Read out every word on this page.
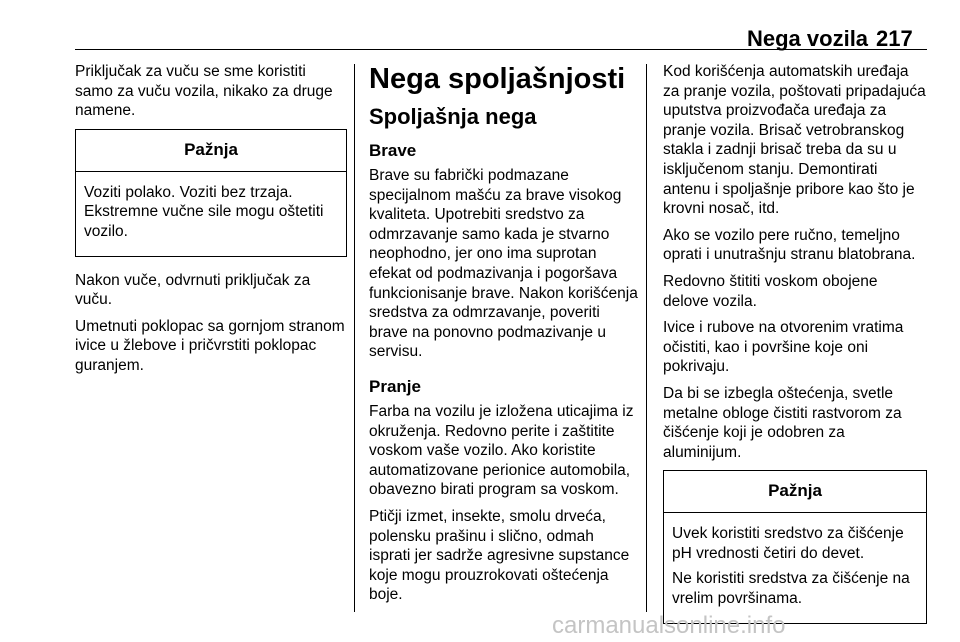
Nega vozila 217

Priključak za vuču se sme koristiti samo za vuču vozila, nikako za druge namene.

Pažnja

Voziti polako. Voziti bez trzaja. Ekstremne vučne sile mogu oštetiti vozilo.

Nakon vuče, odvrnuti priključak za vuču.

Umetnuti poklopac sa gornjom stranom ivice u žlebove i pričvrstiti poklopac guranjem.

Nega spoljašnjosti
Spoljašnja nega
Brave

Brave su fabrički podmazane specijalnom mašću za brave visokog kvaliteta. Upotrebiti sredstvo za odmrzavanje samo kada je stvarno neophodno, jer ono ima suprotan efekat od podmazivanja i pogoršava funkcionisanje brave. Nakon korišćenja sredstva za odmrzavanje, poveriti brave na ponovno podmazivanje u servisu.

Pranje

Farba na vozilu je izložena uticajima iz okruženja. Redovno perite i zaštitite voskom vaše vozilo. Ako koristite automatizovane perionice automobila, obavezno birati program sa voskom.

Ptičji izmet, insekte, smolu drveća, polensku prašinu i slično, odmah isprati jer sadrže agresivne supstance koje mogu prouzrokovati oštećenja boje.

Kod korišćenja automatskih uređaja za pranje vozila, poštovati pripadajuća uputstva proizvođača uređaja za pranje vozila. Brisač vetrobranskog stakla i zadnji brisač treba da su u isključenom stanju. Demontirati antenu i spoljašnje pribore kao što je krovni nosač, itd.

Ako se vozilo pere ručno, temeljno oprati i unutrašnju stranu blatobrana.

Redovno štititi voskom obojene delove vozila.

Ivice i rubove na otvorenim vratima očistiti, kao i površine koje oni pokrivaju.

Da bi se izbegla oštećenja, svetle metalne obloge čistiti rastvorom za čišćenje koji je odobren za aluminijum.

Pažnja

Uvek koristiti sredstvo za čišćenje pH vrednosti četiri do devet.

Ne koristiti sredstva za čišćenje na vrelim površinama.

carmanualsonline.info
